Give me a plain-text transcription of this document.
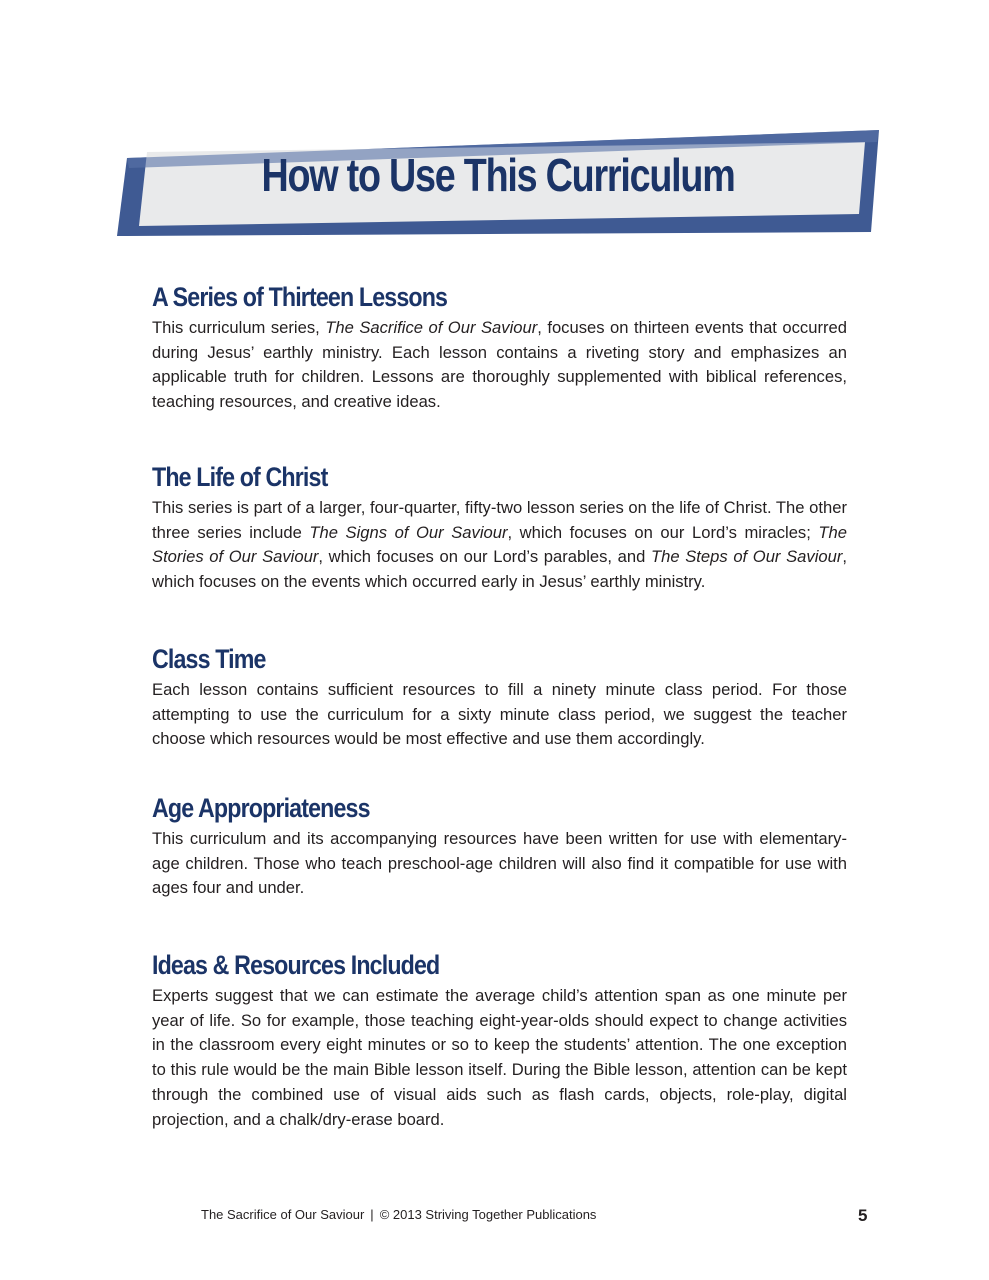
How to Use This Curriculum
A Series of Thirteen Lessons

This curriculum series, The Sacrifice of Our Saviour, focuses on thirteen events that occurred during Jesus’ earthly ministry. Each lesson contains a riveting story and emphasizes an applicable truth for children. Lessons are thoroughly supplemented with biblical references, teaching resources, and creative ideas.

The Life of Christ

This series is part of a larger, four-quarter, fifty-two lesson series on the life of Christ. The other three series include The Signs of Our Saviour, which focuses on our Lord’s miracles; The Stories of Our Saviour, which focuses on our Lord’s parables, and The Steps of Our Saviour, which focuses on the events which occurred early in Jesus’ earthly ministry.

Class Time

Each lesson contains sufficient resources to fill a ninety minute class period. For those attempting to use the curriculum for a sixty minute class period, we suggest the teacher choose which resources would be most effective and use them accordingly.

Age Appropriateness

This curriculum and its accompanying resources have been written for use with elementary-age children. Those who teach preschool-age children will also find it compatible for use with ages four and under.

Ideas & Resources Included

Experts suggest that we can estimate the average child’s attention span as one minute per year of life. So for example, those teaching eight-year-olds should expect to change activities in the classroom every eight minutes or so to keep the students’ attention. The one exception to this rule would be the main Bible lesson itself. During the Bible lesson, attention can be kept through the combined use of visual aids such as flash cards, objects, role-play, digital projection, and a chalk/dry-erase board.

The Sacrifice of Our Saviour | © 2013 Striving Together Publications	5
